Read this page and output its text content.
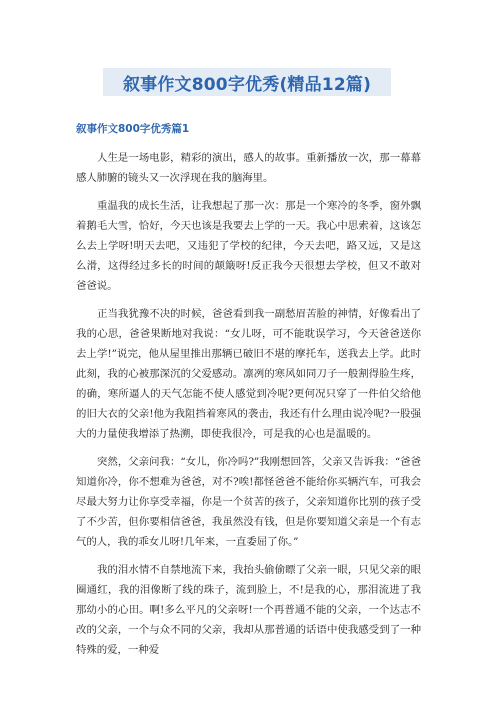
叙事作文800字优秀(精品12篇)
叙事作文800字优秀篇1

人生是一场电影，精彩的演出，感人的故事。重新播放一次，那一幕幕感人肺腑的镜头又一次浮现在我的脑海里。

重温我的成长生活，让我想起了那一次：那是一个寒冷的冬季，窗外飘着鹅毛大雪，恰好，今天也该是我要去上学的一天。我心中思索着，这该怎么去上学呀!明天去吧，又违犯了学校的纪律，今天去吧，路又远，又是这么滑，这得经过多长的时间的颠簸呀!反正我今天很想去学校，但又不敢对爸爸说。

正当我犹豫不决的时候，爸爸看到我一副愁眉苦脸的神情，好像看出了我的心思，爸爸果断地对我说：“女儿呀，可不能耽误学习，今天爸爸送你去上学!”说完，他从屋里推出那辆已破旧不堪的摩托车，送我去上学。此时此刻，我的心被那深沉的父爱感动。凛冽的寒风如同刀子一般割得脸生疼，的确，寒所逼人的天气怎能不使人感觉到冷呢?更何况只穿了一件伯父给他的旧大衣的父亲!他为我阻挡着寒风的袭击，我还有什么理由说冷呢?一股强大的力量使我增添了热溯，即使我很冷，可是我的心也是温暖的。

突然，父亲问我：“女儿，你冷吗?”我刚想回答，父亲又告诉我：“爸爸知道你冷，你不想难为爸爸，对不?唉!都怪爸爸不能给你买辆汽车，可我会尽最大努力让你享受幸福，你是一个贫苦的孩子，父亲知道你比别的孩子受了不少苦，但你要相信爸爸，我虽然没有钱，但是你要知道父亲是一个有志气的人，我的乖女儿呀!几年来，一直委屈了你。”

我的泪水情不自禁地流下来，我抬头偷偷瞟了父亲一眼，只见父亲的眼圈通红，我的泪像断了线的珠子，流到脸上，不!是我的心，那泪流进了我那幼小的心田。啊!多么平凡的父亲呀!一个再普通不能的父亲，一个达志不改的父亲，一个与众不同的父亲，我却从那普通的话语中使我感受到了一种特殊的爱，一种爱
